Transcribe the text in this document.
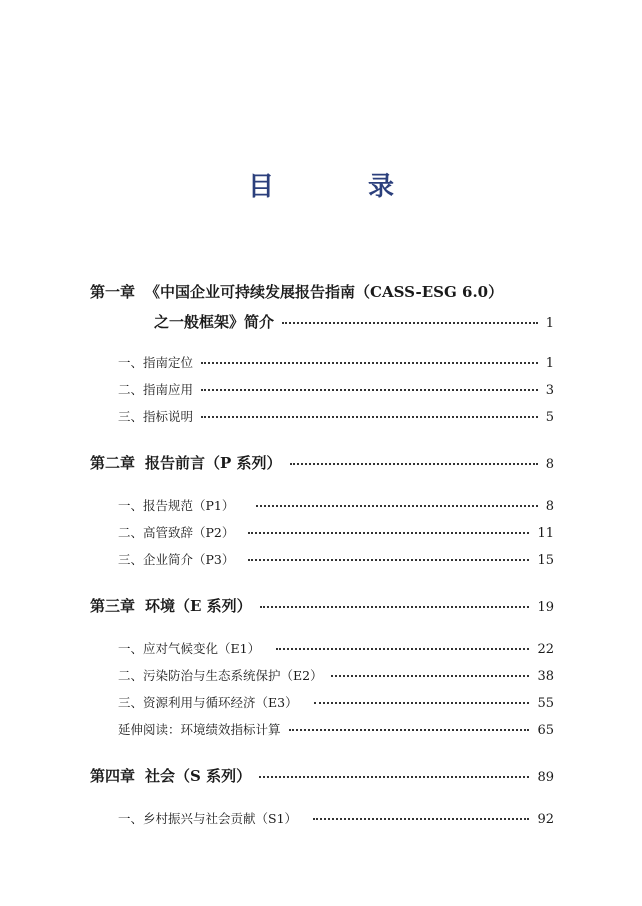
目　录
第一章 《中国企业可持续发展报告指南（CASS-ESG 6.0）
之一般框架》简介	1
一、指南定位	1
二、指南应用	3
三、指标说明	5
第二章 报告前言（P 系列）	8
一、报告规范（P1）	8
二、高管致辞（P2）	11
三、企业简介（P3）	15
第三章 环境（E 系列）	19
一、应对气候变化（E1）	22
二、污染防治与生态系统保护（E2）	38
三、资源利用与循环经济（E3）	55
延伸阅读：环境绩效指标计算	65
第四章 社会（S 系列）	89
一、乡村振兴与社会贡献（S1）	92
